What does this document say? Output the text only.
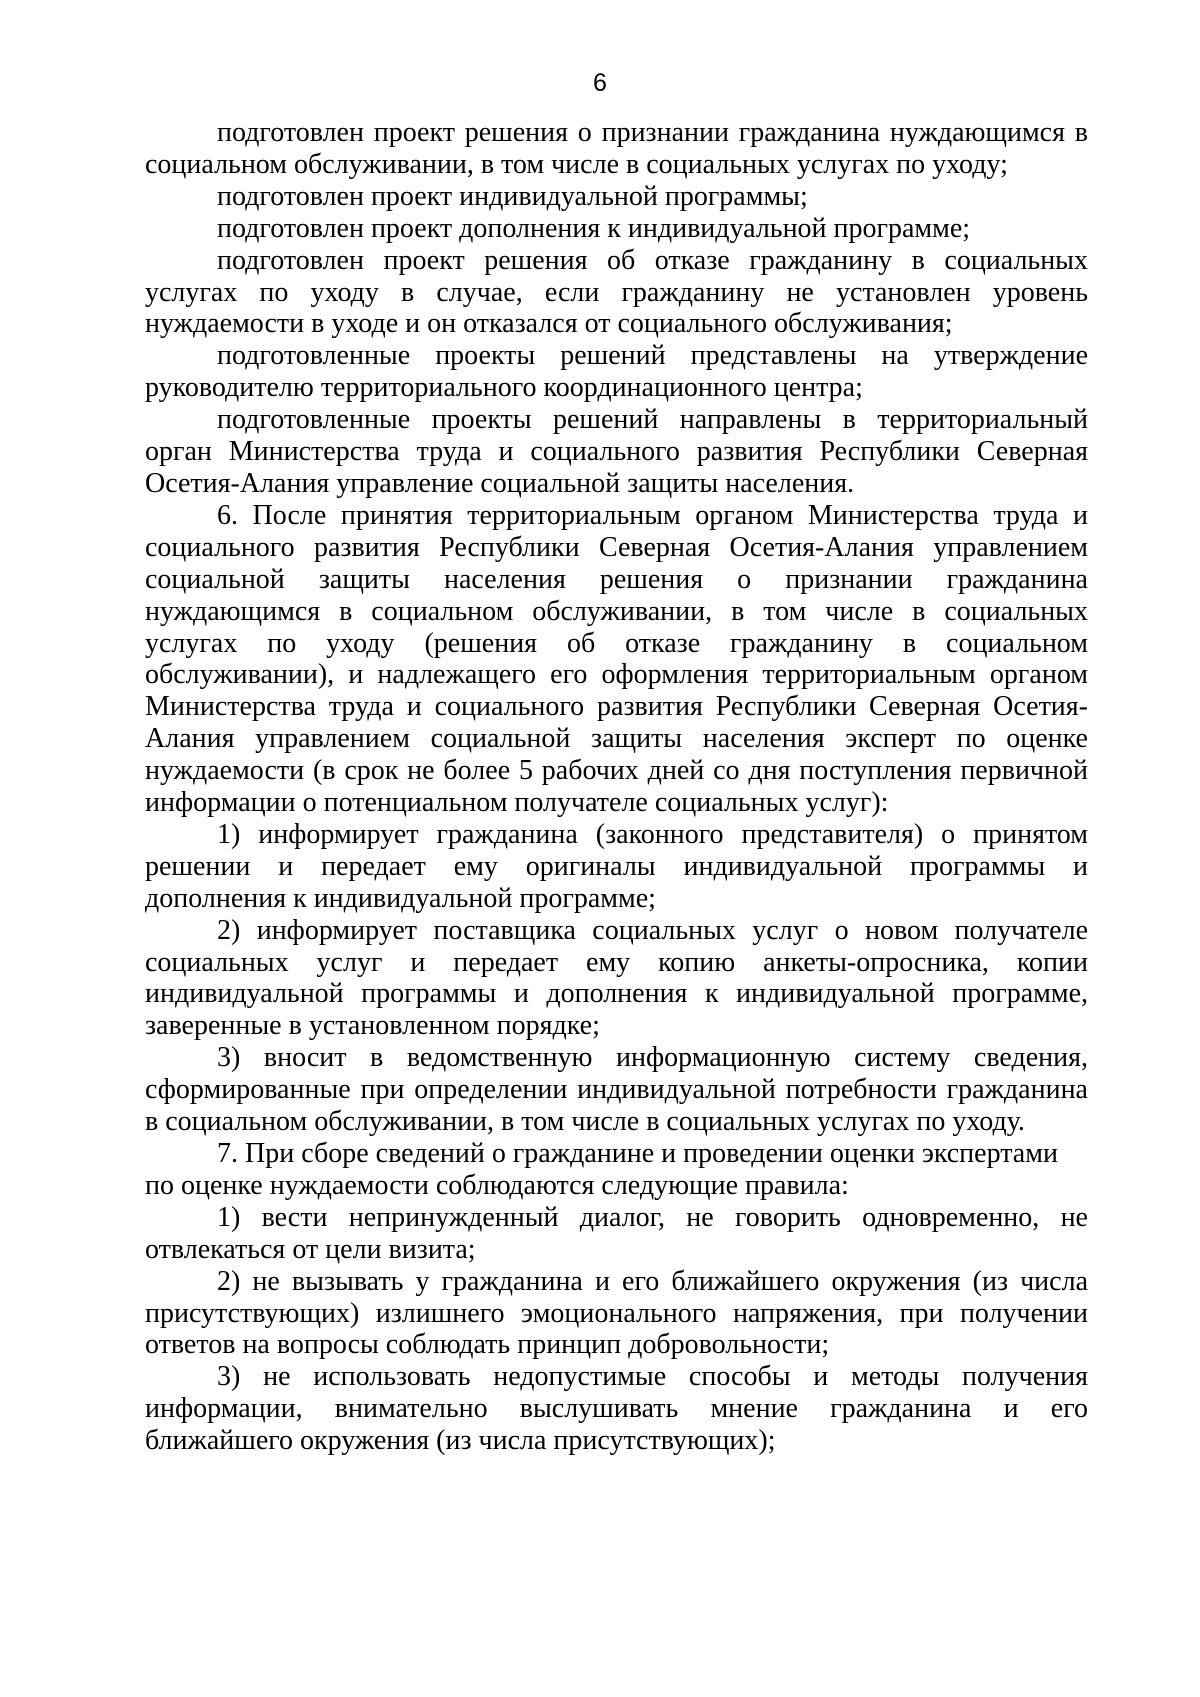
6

подготовлен проект решения о признании гражданина нуждающимся в социальном обслуживании, в том числе в социальных услугах по уходу;

подготовлен проект индивидуальной программы;

подготовлен проект дополнения к индивидуальной программе;

подготовлен проект решения об отказе гражданину в социальных услугах по уходу в случае, если гражданину не установлен уровень нуждаемости в уходе и он отказался от социального обслуживания;

подготовленные проекты решений представлены на утверждение руководителю территориального координационного центра;

подготовленные проекты решений направлены в территориальный орган Министерства труда и социального развития Республики Северная Осетия-Алания управление социальной защиты населения.

6. После принятия территориальным органом Министерства труда и социального развития Республики Северная Осетия-Алания управлением социальной защиты населения решения о признании гражданина нуждающимся в социальном обслуживании, в том числе в социальных услугах по уходу (решения об отказе гражданину в социальном обслуживании), и надлежащего его оформления территориальным органом Министерства труда и социального развития Республики Северная Осетия-Алания управлением социальной защиты населения эксперт по оценке нуждаемости (в срок не более 5 рабочих дней со дня поступления первичной информации о потенциальном получателе социальных услуг):

1) информирует гражданина (законного представителя) о принятом решении и передает ему оригиналы индивидуальной программы и дополнения к индивидуальной программе;

2) информирует поставщика социальных услуг о новом получателе социальных услуг и передает ему копию анкеты-опросника, копии индивидуальной программы и дополнения к индивидуальной программе, заверенные в установленном порядке;

3) вносит в ведомственную информационную систему сведения, сформированные при определении индивидуальной потребности гражданина в социальном обслуживании, в том числе в социальных услугах по уходу.

7. При сборе сведений о гражданине и проведении оценки экспертами по оценке нуждаемости соблюдаются следующие правила:

1) вести непринужденный диалог, не говорить одновременно, не отвлекаться от цели визита;

2) не вызывать у гражданина и его ближайшего окружения (из числа присутствующих) излишнего эмоционального напряжения, при получении ответов на вопросы соблюдать принцип добровольности;

3) не использовать недопустимые способы и методы получения информации, внимательно выслушивать мнение гражданина и его ближайшего окружения (из числа присутствующих);
